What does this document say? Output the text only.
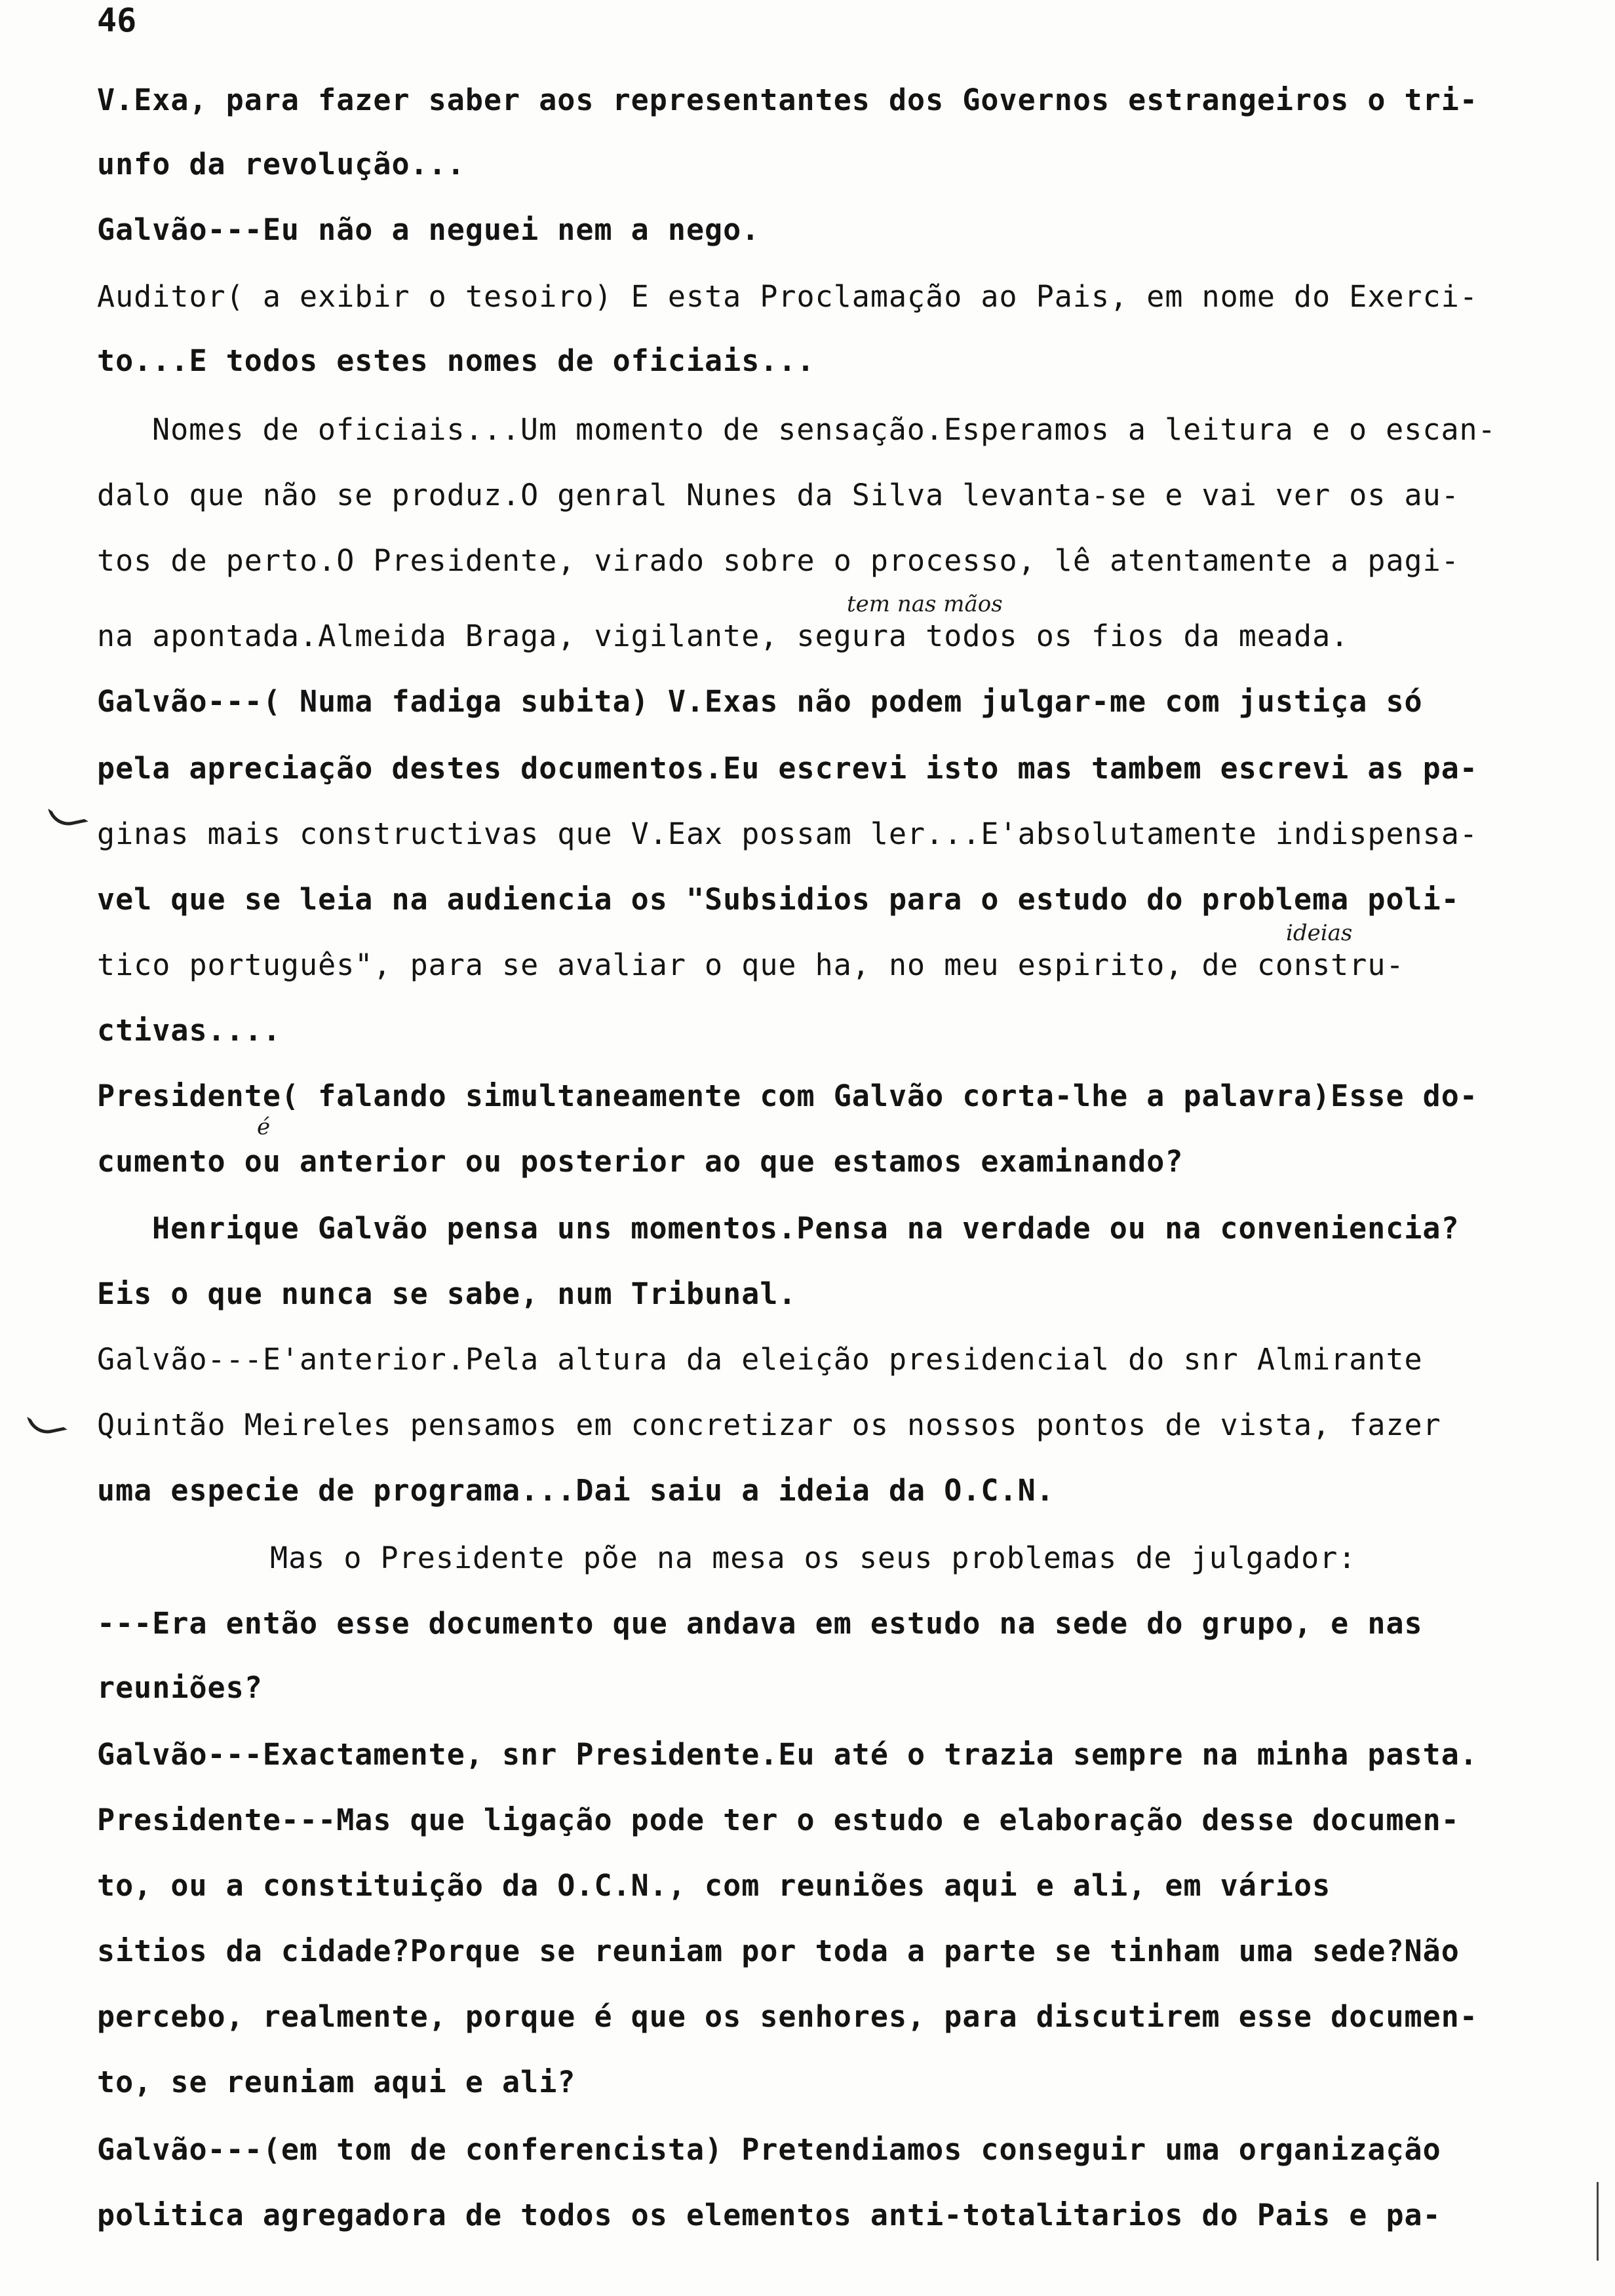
46
V.Exa, para fazer saber aos representantes dos Governos estrangeiros o tri-
unfo da revolução...
Galvão---Eu não a neguei nem a nego.
Auditor( a exibir o tesoiro) E esta Proclamação ao Pais, em nome do Exerci-
to...E todos estes nomes de oficiais...
Nomes de oficiais...Um momento de sensação.Esperamos a leitura e o escan-
dalo que não se produz.O genral Nunes da Silva levanta-se e vai ver os au-
tos de perto.O Presidente, virado sobre o processo, lê atentamente a pagi-
tem nas mãos
na apontada.Almeida Braga, vigilante, segura todos os fios da meada.
Galvão---( Numa fadiga subita) V.Exas não podem julgar-me com justiça só
pela apreciação destes documentos.Eu escrevi isto mas tambem escrevi as pa-
ginas mais constructivas que V.Eax possam ler...E'absolutamente indispensa-
vel que se leia na audiencia os "Subsidios para o estudo do problema poli-
ideias
tico português", para se avaliar o que ha, no meu espirito, de constru-
ctivas....
Presidente( falando simultaneamente com Galvão corta-lhe a palavra)Esse do-
é
cumento ou anterior ou posterior ao que estamos examinando?
Henrique Galvão pensa uns momentos.Pensa na verdade ou na conveniencia?
Eis o que nunca se sabe, num Tribunal.
Galvão---E'anterior.Pela altura da eleição presidencial do snr Almirante
Quintão Meireles pensamos em concretizar os nossos pontos de vista, fazer
uma especie de programa...Dai saiu a ideia da O.C.N.
Mas o Presidente põe na mesa os seus problemas de julgador:
---Era então esse documento que andava em estudo na sede do grupo, e nas
reuniões?
Galvão---Exactamente, snr Presidente.Eu até o trazia sempre na minha pasta.
Presidente---Mas que ligação pode ter o estudo e elaboração desse documen-
to, ou a constituição da O.C.N., com reuniões aqui e ali, em vários
sitios da cidade?Porque se reuniam por toda a parte se tinham uma sede?Não
percebo, realmente, porque é que os senhores, para discutirem esse documen-
to, se reuniam aqui e ali?
Galvão---(em tom de conferencista) Pretendiamos conseguir uma organização
politica agregadora de todos os elementos anti-totalitarios do Pais e pa-
